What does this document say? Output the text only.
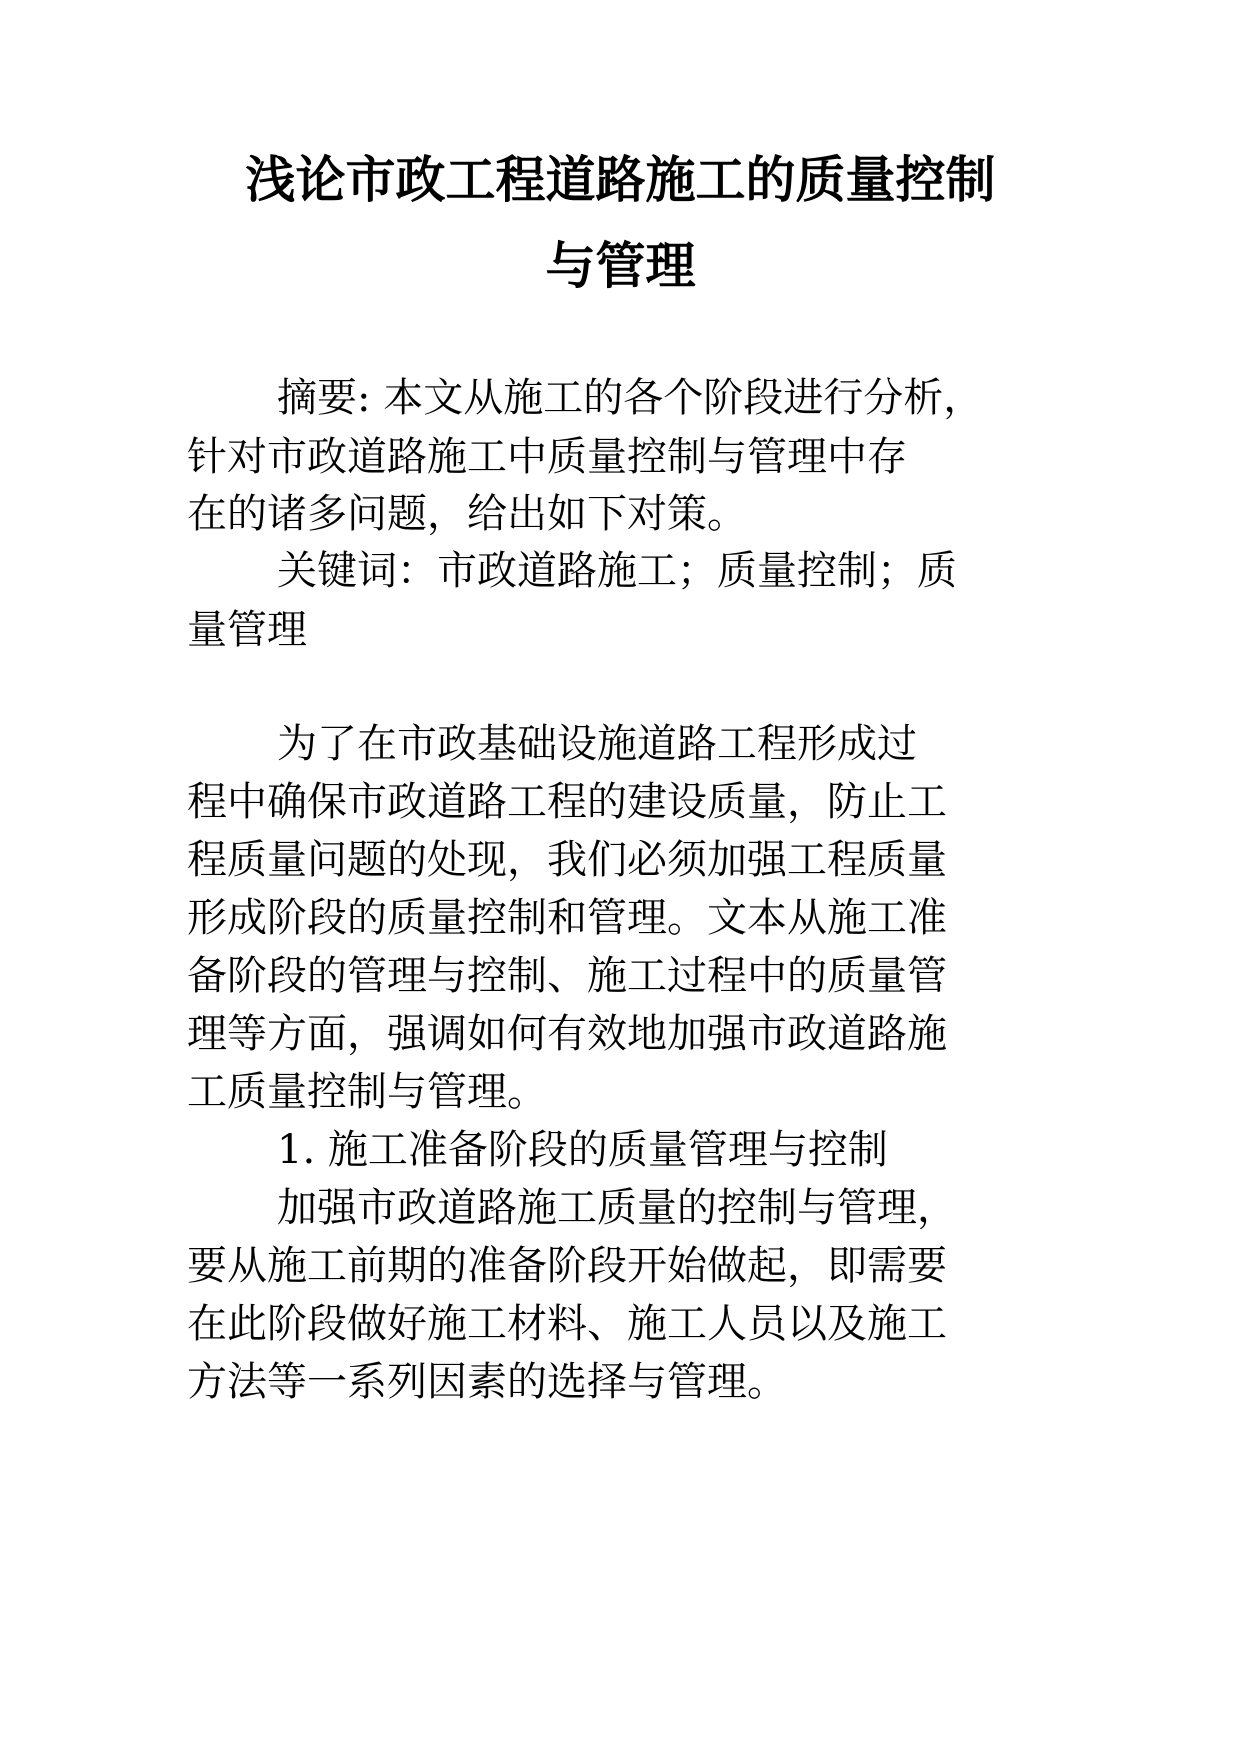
浅论市政工程道路施工的质量控制
与管理
摘要: 本文从施工的各个阶段进行分析，
针对市政道路施工中质量控制与管理中存
在的诸多问题，给出如下对策。
关键词：市政道路施工；质量控制；质
量管理
为了在市政基础设施道路工程形成过
程中确保市政道路工程的建设质量，防止工
程质量问题的处现，我们必须加强工程质量
形成阶段的质量控制和管理。文本从施工准
备阶段的管理与控制、施工过程中的质量管
理等方面，强调如何有效地加强市政道路施
工质量控制与管理。
1. 施工准备阶段的质量管理与控制
加强市政道路施工质量的控制与管理，
要从施工前期的准备阶段开始做起，即需要
在此阶段做好施工材料、施工人员以及施工
方法等一系列因素的选择与管理。
